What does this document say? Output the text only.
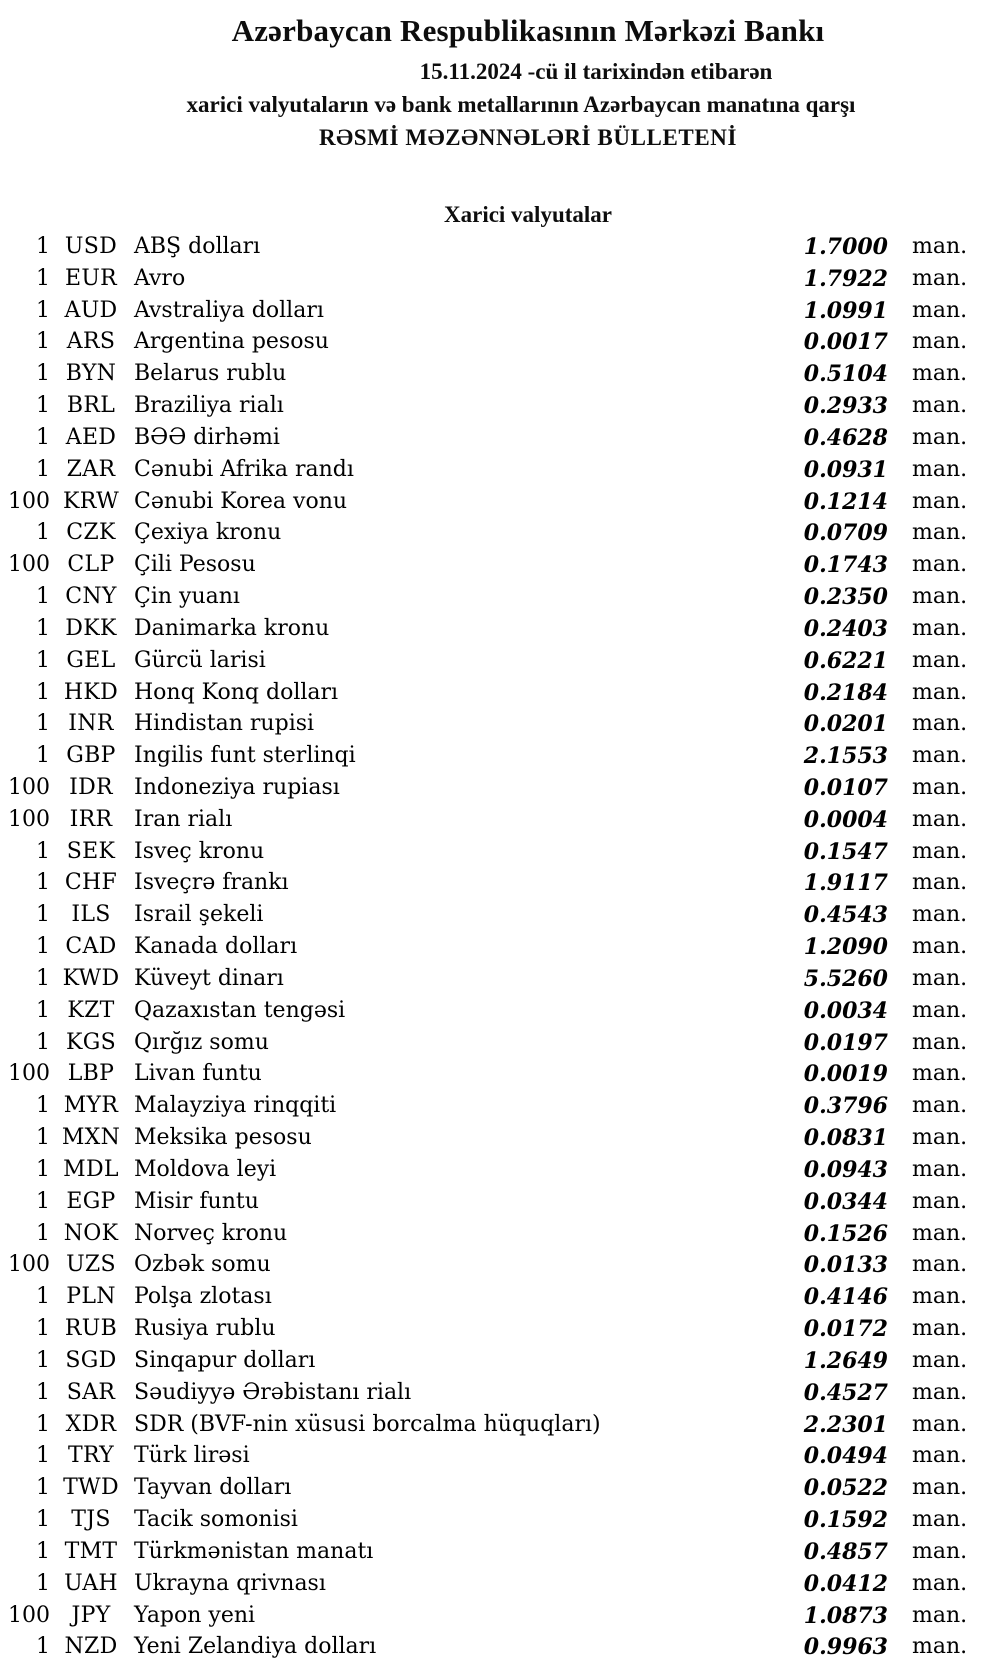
Azərbaycan Respublikasının Mərkəzi Bankı
15.11.2024 -cü il tarixindən etibarən
xarici valyutaların və bank metallarının Azərbaycan manatına qarşı
RƏSMİ MƏZƏNNƏLƏRİ BÜLLETENİ
Xarici valyutalar
1 USD ABŞ dolları	1.7000	man.
1 EUR Avro	1.7922	man.
1 AUD Avstraliya dolları	1.0991	man.
1 ARS Argentina pesosu	0.0017	man.
1 BYN Belarus rublu	0.5104	man.
1 BRL Braziliya rialı	0.2933	man.
1 AED BƏƏ dirhəmi	0.4628	man.
1 ZAR Cənubi Afrika randı	0.0931	man.
100 KRW Cənubi Korea vonu	0.1214	man.
1 CZK Çexiya kronu	0.0709	man.
100 CLP Çili Pesosu	0.1743	man.
1 CNY Çin yuanı	0.2350	man.
1 DKK Danimarka kronu	0.2403	man.
1 GEL Gürcü larisi	0.6221	man.
1 HKD Honq Konq dolları	0.2184	man.
1 INR Hindistan rupisi	0.0201	man.
1 GBP İngilis funt sterlinqi	2.1553	man.
100 IDR İndoneziya rupiası	0.0107	man.
100 IRR İran rialı	0.0004	man.
1 SEK İsveç kronu	0.1547	man.
1 CHF İsveçrə frankı	1.9117	man.
1 ILS	İsrail şekeli	0.4543	man.
1 CAD Kanada dolları	1.2090	man.
1 KWD Küveyt dinarı	5.5260	man.
1 KZT Qazaxıstan tengəsi	0.0034	man.
1 KGS Qırğız somu	0.0197	man.
100 LBP Livan funtu	0.0019	man.
1 MYR Malayziya rinqqiti	0.3796	man.
1 MXN Meksika pesosu	0.0831	man.
1 MDL Moldova leyi	0.0943	man.
1 EGP Misir funtu	0.0344	man.
1 NOK Norveç kronu	0.1526	man.
100 UZS Özbək somu	0.0133	man.
1 PLN Polşa zlotası	0.4146	man.
1 RUB Rusiya rublu	0.0172	man.
1 SGD Sinqapur dolları	1.2649	man.
1 SAR Səudiyyə Ərəbistanı rialı	0.4527	man.
1 XDR SDR (BVF-nin xüsusi borcalma hüquqları)	2.2301	man.
1 TRY Türk lirəsi	0.0494	man.
1 TWD Tayvan dolları	0.0522	man.
1 TJS	Tacik somonisi	0.1592	man.
1 TMT Türkmənistan manatı	0.4857	man.
1 UAH Ukrayna qrivnası	0.0412	man.
100 JPY	Yapon yeni	1.0873	man.
1 NZD Yeni Zelandiya dolları	0.9963	man.
